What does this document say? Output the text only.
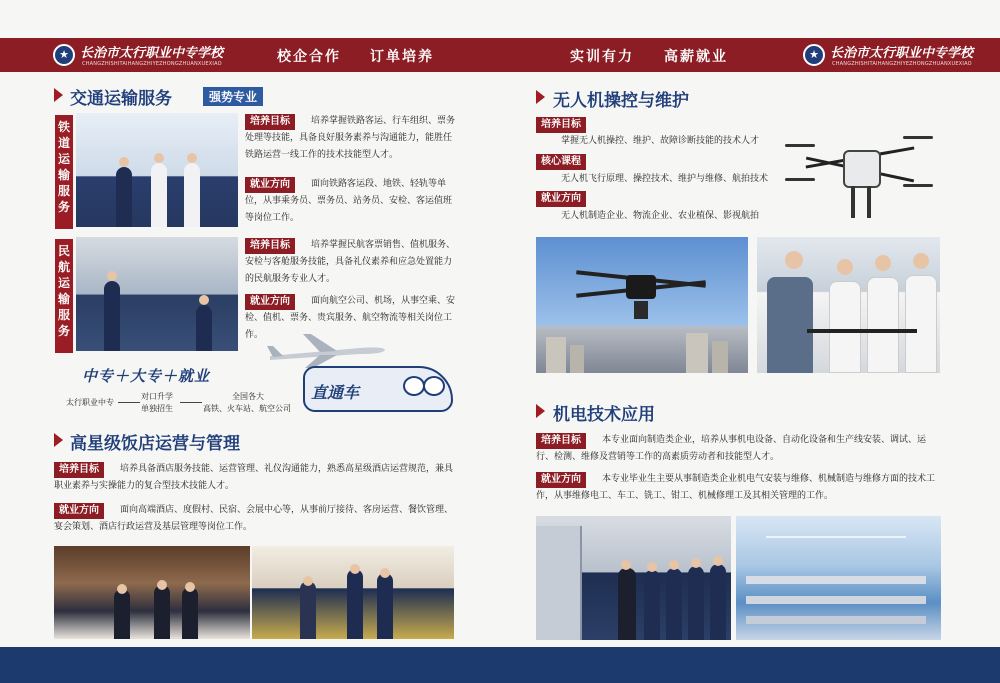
★ 长治市太行职业中专学校
CHANGZHISHITAIHANGZHIYEZHONGZHUANXUEXIAO	校企合作 订单培养	实训有力 高薪就业	★ 长治市太行职业中专学校
CHANGZHISHITAIHANGZHIYEZHONGZHUANXUEXIAO
交通运输服务	强势专业
铁道运输服务
培养目标	培养掌握铁路客运、行车组织、票务处理等技能，具备良好服务素养与沟通能力，能胜任铁路运营一线工作的技术技能型人才。
就业方向	面向铁路客运段、地铁、轻轨等单位，从事乘务员、票务员、站务员、安检、客运值班等岗位工作。
民航运输服务
培养目标	培养掌握民航客票销售、值机服务、安检与客舱服务技能，具备礼仪素养和应急处置能力的民航服务专业人才。
就业方向	面向航空公司、机场，从事空乘、安检、值机、票务、贵宾服务、航空物流等相关岗位工作。
中专＋大专＋就业
太行职业中专
对口升学
单独招生
全国各大
高铁、火车站、航空公司
直通车
高星级饭店运营与管理
培养目标	培养具备酒店服务技能、运营管理、礼仪沟通能力，熟悉高星级酒店运营规范，兼具职业素养与实操能力的复合型技术技能人才。
就业方向	面向高端酒店、度假村、民宿、会展中心等，从事前厅接待、客房运营、餐饮管理、宴会策划、酒店行政运营及基层管理等岗位工作。
无人机操控与维护
培养目标
掌握无人机操控、维护、故障诊断技能的技术人才
核心课程
无人机飞行原理、操控技术、维护与维修、航拍技术
就业方向
无人机制造企业、物流企业、农业植保、影视航拍
机电技术应用
培养目标	本专业面向制造类企业，培养从事机电设备、自动化设备和生产线安装、调试、运行、检测、维修及营销等工作的高素质劳动者和技能型人才。
就业方向	本专业毕业生主要从事制造类企业机电气安装与维修、机械制造与维修方面的技术工作，从事维修电工、车工、铣工、钳工、机械修理工及其相关管理的工作。
